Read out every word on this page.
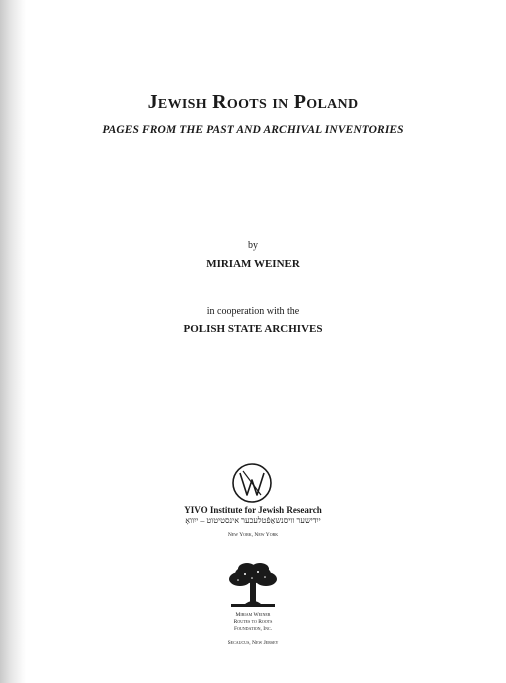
Jewish Roots in Poland
PAGES FROM THE PAST AND ARCHIVAL INVENTORIES
by
MIRIAM WEINER
in cooperation with the
POLISH STATE ARCHIVES
YIVO Institute for Jewish Research
ייִדישער וויסנשאַפֿטלעכער אינסטיטוט – ייִוואָ
New York, New York
Miriam Weiner
Routes to Roots
Foundation, Inc.
Secaucus, New Jersey
